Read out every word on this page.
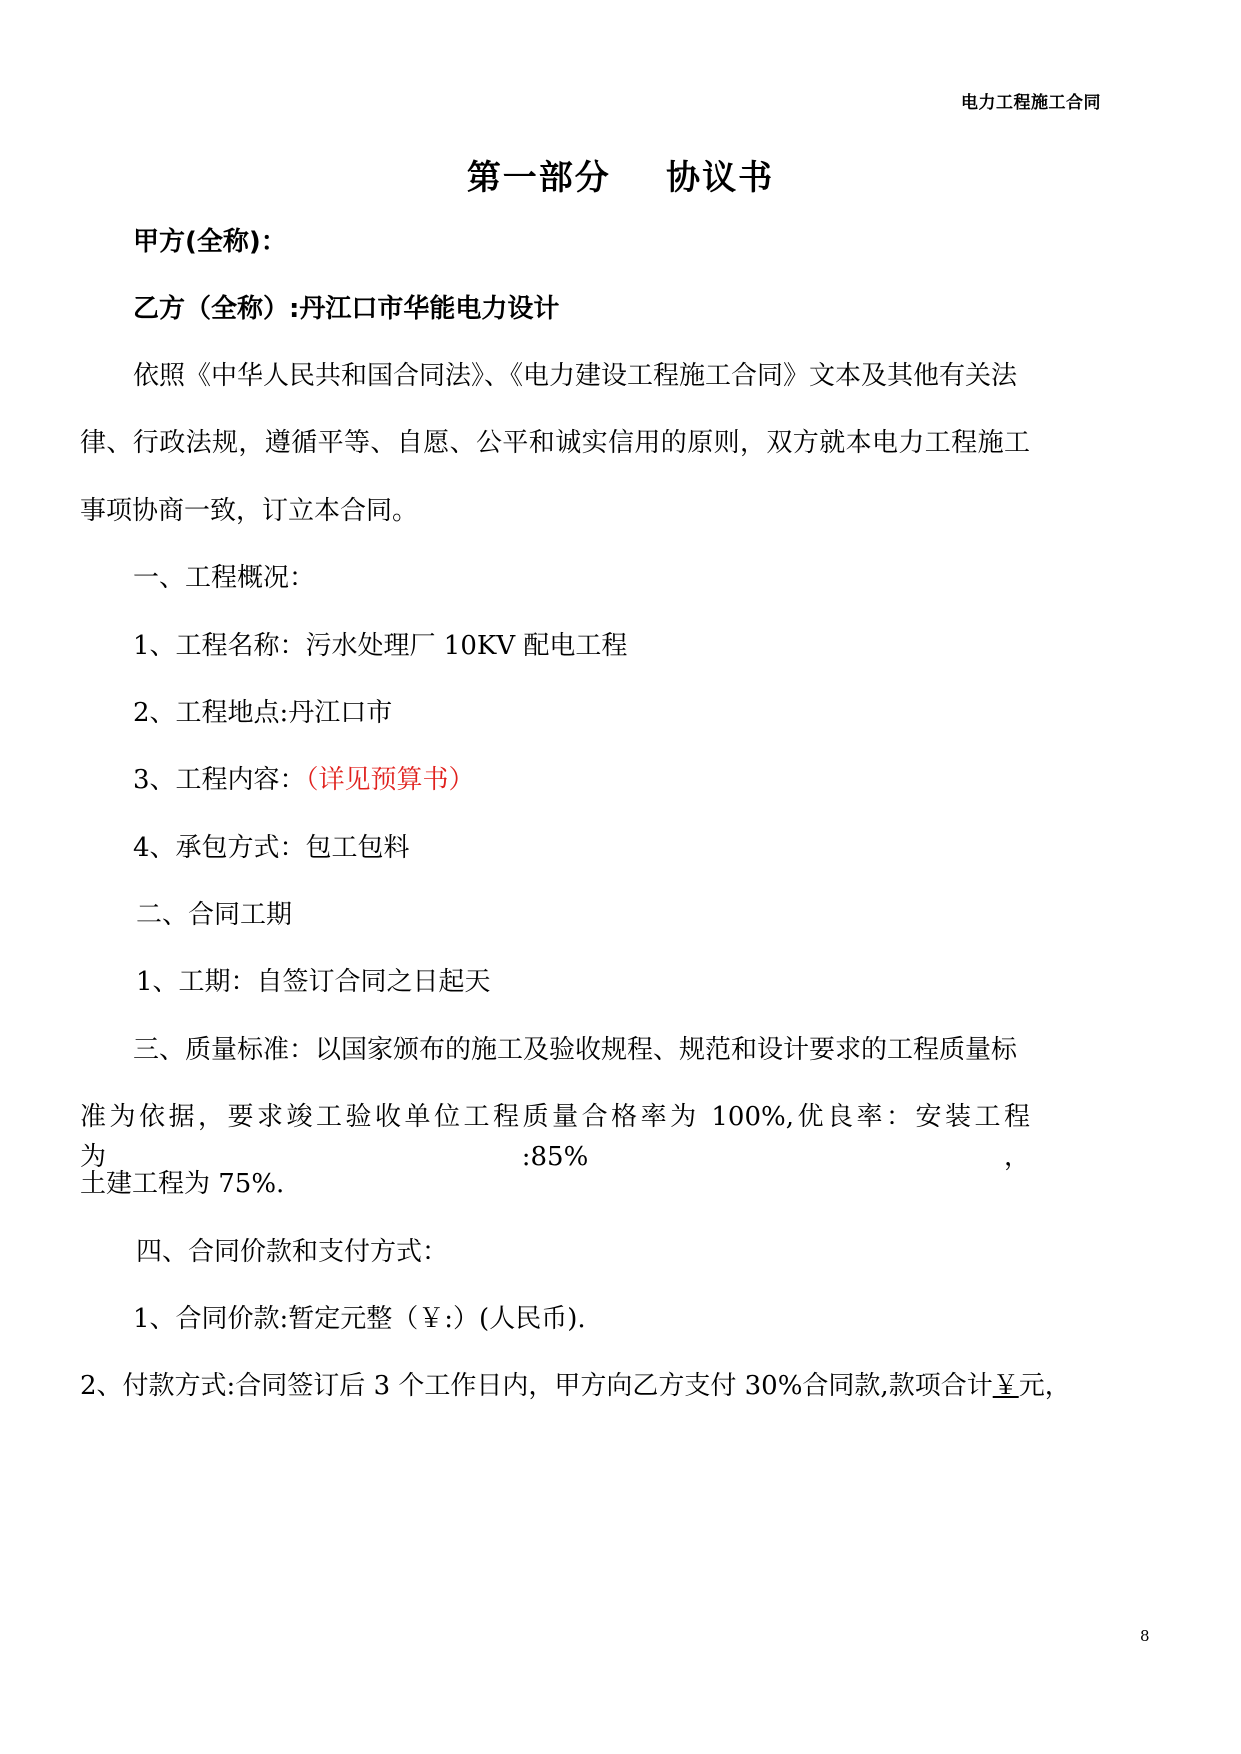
电力工程施工合同
第一部分    协议书
甲方(全称)：
乙方（全称）:丹江口市华能电力设计
依照《中华人民共和国合同法》、《电力建设工程施工合同》文本及其他有关法
律、行政法规，遵循平等、自愿、公平和诚实信用的原则，双方就本电力工程施工
事项协商一致，订立本合同。
一、工程概况：
1、工程名称：污水处理厂 10KV 配电工程
2、工程地点:丹江口市
3、工程内容：（详见预算书）
4、承包方式：包工包料
二、合同工期
1、工期：自签订合同之日起天
三、质量标准：以国家颁布的施工及验收规程、规范和设计要求的工程质量标
准为依据，要求竣工验收单位工程质量合格率为 100%,优良率：安装工程为:85%，
土建工程为 75%.
四、合同价款和支付方式：
1、合同价款:暂定元整（￥:）(人民币).
2、付款方式:合同签订后 3 个工作日内，甲方向乙方支付 30%合同款,款项合计￥元，
8
